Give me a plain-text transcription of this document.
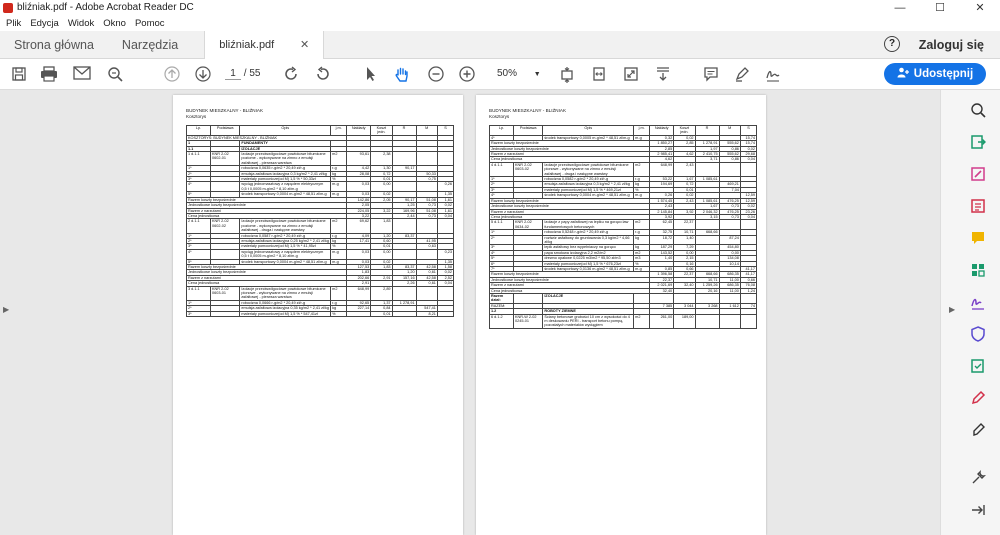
bliźniak.pdf - Adobe Acrobat Reader DC	—	☐	✕
Plik Edycja Widok Okno Pomoc
Strona główna	Narzędzia	bliźniak.pdf ✕	?	Zaloguj się
1 / 55	50% ▼	Udostępnij
▶
BUDYNEK MIESZKALNY - BLIŹNIAK
Kosztorys
Lp.	Podstawa	Opis	j.m.	Nakłady	Koszt jedn.	R	M	S
KOSZTORYS: BUDYNEK MIESZKALNY - BLIŹNIAK								
1		FUNDAMENTY						
1.1		IZOLACJE						
1 d.1.1	KNR 2-02 0602-01	Izolacje przeciwwilgociowe powłokowe bitumiczne poziome - wykonywane na zimno z emulsji asfaltowej - pierwsza warstwa	m2	93,61	2,38			
1*		robocizna 0,0635 r-g/m2 * 20,49 zł/r-g	r-g	4,42	1,30	90,17		
2*		emulsja asfaltowa izolacyjna 0,3 kg/m2 * 2,41 zł/kg	kg	28,08	0,72		50,33	
3*		materiały pomocnicze(od M) 1,5 % * 50,33zł	%		0,01		0,75	
4*		wyciąg jednomasztowy z napędem elektrycznym 0,5 t 0,0005 m-g/m2 * 8,10 zł/m-g	m-g	0,03	0,00			0,26
5*		środek transportowy 0,0004 m-g/m2 * 48,51 zł/m-g	m-g	0,03	0,02			1,35
Razem koszty bezpośrednie				142,86	2,05	90,17	51,08	1,61
Jednostkowe koszty bezpośrednie				2,05		1,25	0,73	0,02
Razem z narzutami				224,05	3,22	169,96	51,08	1,61
Cena jednostkowa				3,22		2,44	0,73	0,04
2 d.1.1	KNR 2-02 0602-02	Izolacje przeciwwilgociowe powłokowe bitumiczne poziome - wykonywane na zimno z emulsji asfaltowej - druga i następne warstwy	m2	69,62	1,83			
1*		robocizna 0,0587 r-g/m2 * 20,49 zł/r-g	r-g	4,09	1,20	83,37		
2*		emulsja asfaltowa izolacyjna 0,25 kg/m2 * 2,41 zł/kg	kg	17,41	0,60		41,95	
3*		materiały pomocnicze(od M) 1,5 % * 41,95zł	%		0,01		0,63	
4*		wyciąg jednomasztowy z napędem elektrycznym 0,5 t 0,0005 m-g/m2 * 8,10 zł/m-g	m-g	0,03	0,00			0,23
5*		środek transportowy 0,0004 m-g/m2 * 48,51 zł/m-g	m-g	0,03	0,02			1,35
Razem koszty bezpośrednie				127,53	1,83	83,37	42,58	1,58
Jednostkowe koszty bezpośrednie				1,83		1,20	0,61	0,02
Razem z narzutami				202,66	2,91	157,16	42,58	2,52
Cena jednostkowa				2,91		2,26	0,61	0,04
3 d.1.1	KNR 2-02 0603-01	Izolacje przeciwwilgociowe powłokowe bitumiczne pionowe - wykonywane na zimno z emulsji asfaltowej - pierwsza warstwa	m2	648,99	2,89			
1*		robocizna 0,0666 r-g/m2 * 20,49 zł/r-g	r-g	92,65	1,37	1 278,91		
2*		emulsja asfaltowa izolacyjna 0,35 kg/m2 * 2,41 zł/kg	kg	227,14	0,84		547,41	
3*		materiały pomocnicze(od M) 1,5 % * 547,41zł	%		0,01		8,21	
BUDYNEK MIESZKALNY - BLIŹNIAK
Kosztorys
Lp.	Podstawa	Opis	j.m.	Nakłady	Koszt jedn.	R	M	S
4*		środek transportowy 0,0005 m-g/m2 * 48,51 zł/m-g	m-g	0,32	0,02			15,74
Razem koszty bezpośrednie				1 850,27	2,85	1 278,91	555,62	15,74
Jednostkowe koszty bezpośrednie				2,85		1,97	0,86	0,02
Razem z narzutami				2 985,41	4,62	2 410,75	555,62	29,68
Cena jednostkowa				4,62		3,71	0,86	0,04
4 d.1.1	KNR 2-02 0603-02	Izolacje przeciwwilgociowe powłokowe bitumiczne pionowe - wykonywane na zimno z emulsji asfaltowej - druga i następne warstwy	m2	648,99	2,43			
1*		robocizna 0,0582 r-g/m2 * 20,49 zł/r-g	r-g	53,22	1,67	1 085,61		
2*		emulsja asfaltowa izolacyjna 0,3 kg/m2 * 2,41 zł/kg	kg	194,69	0,72		469,21	
3*		materiały pomocnicze(od M) 1,5 % * 469,21zł	%		0,01		7,04	
4*		środek transportowy 0,0004 m-g/m2 * 48,51 zł/m-g	m-g	0,26	0,02			12,59
Razem koszty bezpośrednie				1 574,45	2,43	1 085,61	476,25	12,59
Jednostkowe koszty bezpośrednie				2,43		1,67	0,73	0,02
Razem z narzutami				2 145,84	3,92	2 046,32	476,25	23,26
Cena jednostkowa				3,92		3,15	0,73	0,04
5 d.1.1	KNR 2-02 0634-02	Izolacje z papy asfaltowej na lepiku na gorąco ław fundamentowych betonowych	m2	62,45	22,37			
1*		robocizna 0,5248 r-g/m2 * 20,49 zł/r-g	r-g	32,75	10,71	668,66		
2*		roztwór asfaltowy do gruntowania 0,3 kg/m2 * 4,66 zł/kg	kg	18,72	1,40		87,24	
3*		lepik asfaltowy bez wypełniaczy na gorąco	kg	187,29	7,29		454,80	
4*		papa smołowa izolacyjna 2,2 m2/m2	m2	143,52	0,00		0,00	
5*		drewno opałowe 0,0225 m3/m2 * 95,50 zł/m3	m3	1,40	2,15		134,08	
6*		materiały pomocnicze(od M) 1,5 % * 676,23zł	%		0,16		10,14	
7*		środek transportowy 0,0136 m-g/m2 * 48,51 zł/m-g	m-g	0,85	0,66			41,17
Razem koszty bezpośrednie				1 396,58	22,37	668,66	686,35	41,17
Jednostkowe koszty bezpośrednie				22,37		10,71	11,00	0,66
Razem z narzutami				2 021,69	32,40	1 259,26	686,35	76,08
Cena jednostkowa				32,40		20,16	11,00	1,24
Razem dział:		IZOLACJE						
RAZEM:				7 385	3 044	3 268	1 612	74
1.2		ROBOTY ZIEMNE						
6 d.1.2	KNR-W 2-02 0245-01	Ściany betonowe grubości 10 cm z wysokości do 4 m deskowaniu PERI - transport betonu pompą, pozostałych materiałów wyciągiem	m2	261,00	189,00			
▶
